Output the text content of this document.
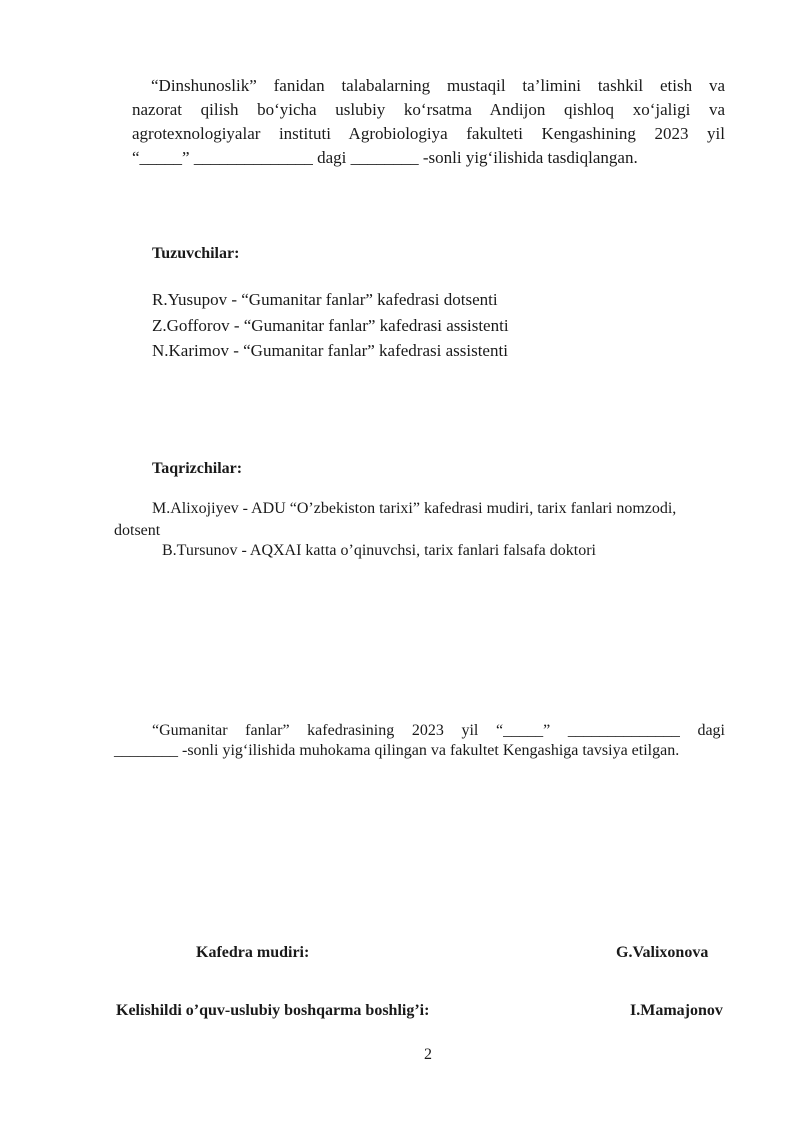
“Dinshunoslik” fanidan talabalarning mustaqil ta’limini tashkil etish va
nazorat qilish bo‘yicha uslubiy ko‘rsatma Andijon qishloq xo‘jaligi va
agrotexnologiyalar instituti Agrobiologiya fakulteti Kengashining 2023 yil
“_____” ______________ dagi ________ -sonli yig‘ilishida tasdiqlangan.
Tuzuvchilar:
R.Yusupov - “Gumanitar fanlar” kafedrasi dotsenti
Z.Gofforov - “Gumanitar fanlar” kafedrasi assistenti
N.Karimov - “Gumanitar fanlar” kafedrasi assistenti
Taqrizchilar:
M.Alixojiyev - ADU “O’zbekiston tarixi” kafedrasi mudiri, tarix fanlari nomzodi,
dotsent
B.Tursunov - AQXAI katta o’qinuvchsi, tarix fanlari falsafa doktori
“Gumanitar fanlar” kafedrasining 2023 yil “_____” ______________ dagi
________ -sonli yig‘ilishida muhokama qilingan va fakultet Kengashiga tavsiya etilgan.
Kafedra mudiri:	G.Valixonova
Kelishildi o’quv-uslubiy boshqarma boshlig’i:	I.Mamajonov
2
